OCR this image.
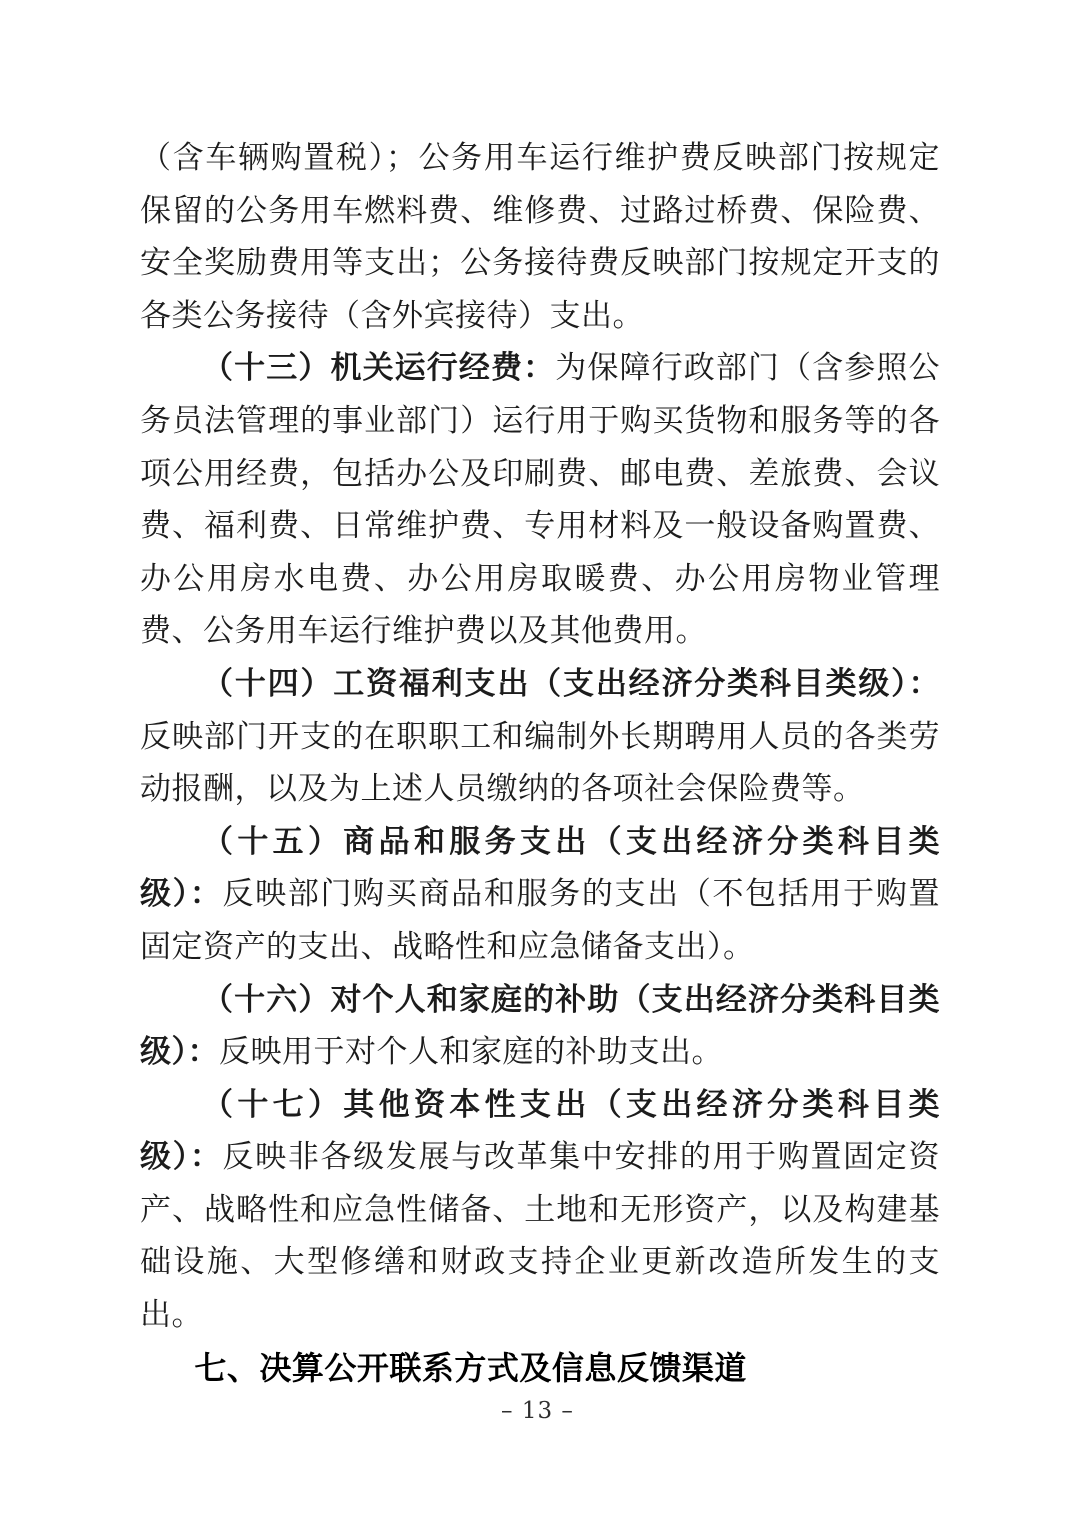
（含车辆购置税）；公务用车运行维护费反映部门按规定保留的公务用车燃料费、维修费、过路过桥费、保险费、安全奖励费用等支出；公务接待费反映部门按规定开支的各类公务接待（含外宾接待）支出。

（十三）机关运行经费：为保障行政部门（含参照公务员法管理的事业部门）运行用于购买货物和服务等的各项公用经费，包括办公及印刷费、邮电费、差旅费、会议费、福利费、日常维护费、专用材料及一般设备购置费、办公用房水电费、办公用房取暖费、办公用房物业管理费、公务用车运行维护费以及其他费用。

（十四）工资福利支出（支出经济分类科目类级）：反映部门开支的在职职工和编制外长期聘用人员的各类劳动报酬，以及为上述人员缴纳的各项社会保险费等。

（十五）商品和服务支出（支出经济分类科目类级）：反映部门购买商品和服务的支出（不包括用于购置固定资产的支出、战略性和应急储备支出）。

（十六）对个人和家庭的补助（支出经济分类科目类级）：反映用于对个人和家庭的补助支出。

（十七）其他资本性支出（支出经济分类科目类级）：反映非各级发展与改革集中安排的用于购置固定资产、战略性和应急性储备、土地和无形资产，以及构建基础设施、大型修缮和财政支持企业更新改造所发生的支出。

七、决算公开联系方式及信息反馈渠道
– 13 –
